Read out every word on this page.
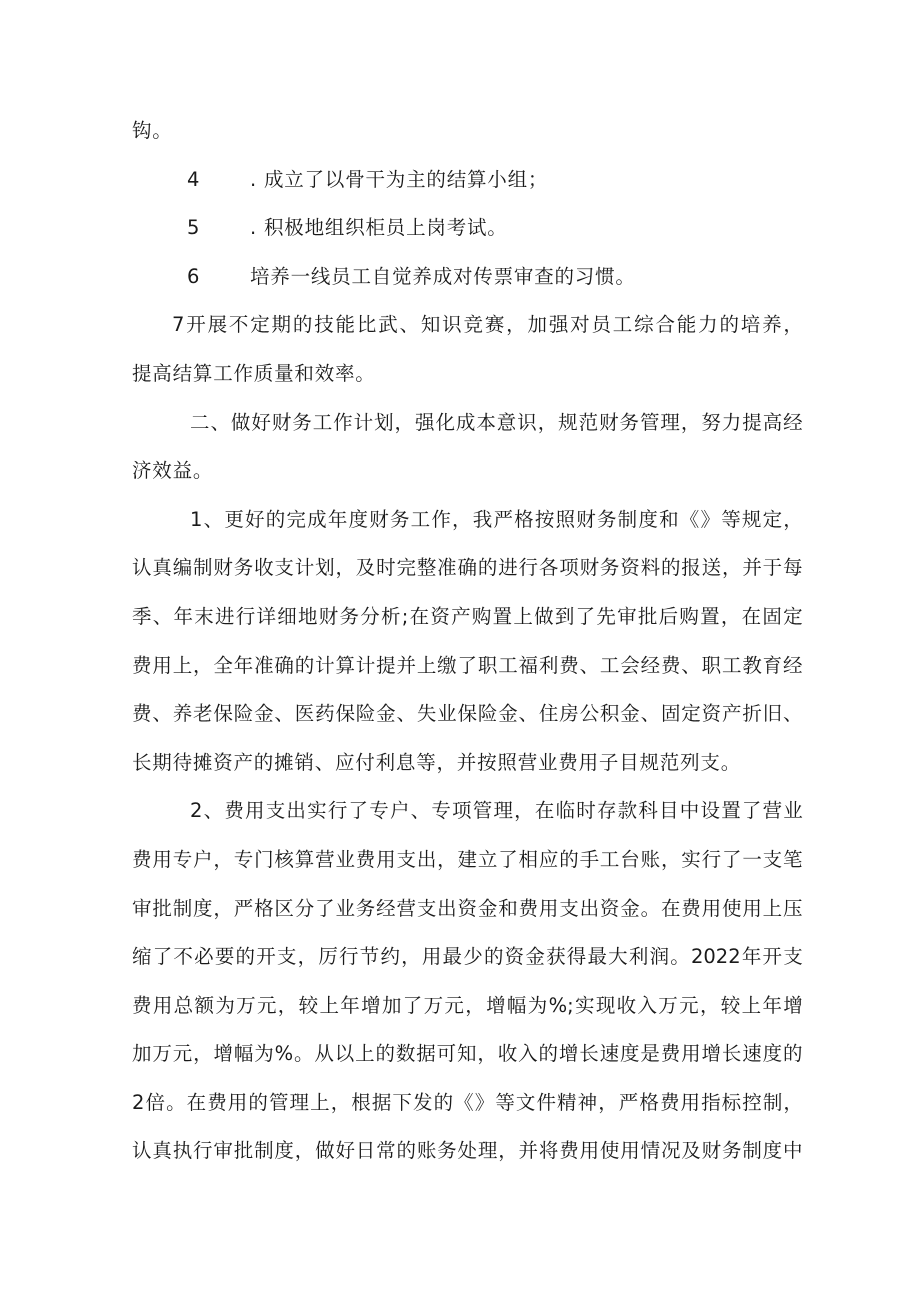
钩。
4	. 成立了以骨干为主的结算小组；
5	. 积极地组织柜员上岗考试。
6	培养一线员工自觉养成对传票审查的习惯。
7 开 展 不 定 期 的 技 能 比 武 、 知 识 竞 赛 ， 加 强 对 员 工 综 合 能 力 的 培 养 ，
提高结算工作质量和效率。
二 、 做 好 财 务 工 作 计 划 ， 强 化 成 本 意 识 ， 规 范 财 务 管 理 ， 努 力 提 高 经
济效益。
1 、 更 好 的 完 成 年 度 财 务 工 作 ， 我 严 格 按 照 财 务 制 度 和 《 》 等 规 定 ，
认 真 编 制 财 务 收 支 计 划 ， 及 时 完 整 准 确 的 进 行 各 项 财 务 资 料 的 报 送 ， 并 于 每
季 、 年 末 进 行 详 细 地 财 务 分 析 ; 在 资 产 购 置 上 做 到 了 先 审 批 后 购 置 ， 在 固 定
费 用 上 ， 全 年 准 确 的 计 算 计 提 并 上 缴 了 职 工 福 利 费 、 工 会 经 费 、 职 工 教 育 经
费 、 养 老 保 险 金 、 医 药 保 险 金 、 失 业 保 险 金 、 住 房 公 积 金 、 固 定 资 产 折 旧 、
长期待摊资产的摊销、应付利息等，并按照营业费用子目规范列支。
2 、 费 用 支 出 实 行 了 专 户 、 专 项 管 理 ， 在 临 时 存 款 科 目 中 设 置 了 营 业
费 用 专 户 ， 专 门 核 算 营 业 费 用 支 出 ， 建 立 了 相 应 的 手 工 台 账 ， 实 行 了 一 支 笔
审 批 制 度 ， 严 格 区 分 了 业 务 经 营 支 出 资 金 和 费 用 支 出 资 金 。 在 费 用 使 用 上 压
缩 了 不 必 要 的 开 支 ， 厉 行 节 约 ， 用 最 少 的 资 金 获 得 最 大 利 润 。 2022 年 开 支
费 用 总 额 为 万 元 ， 较 上 年 增 加 了 万 元 ， 增 幅 为 %; 实 现 收 入 万 元 ， 较 上 年 增
加 万 元 ， 增 幅 为 % 。 从 以 上 的 数 据 可 知 ， 收 入 的 增 长 速 度 是 费 用 增 长 速 度 的
2 倍 。 在 费 用 的 管 理 上 ， 根 据 下 发 的 《 》 等 文 件 精 神 ， 严 格 费 用 指 标 控 制 ，
认 真 执 行 审 批 制 度 ， 做 好 日 常 的 账 务 处 理 ， 并 将 费 用 使 用 情 况 及 财 务 制 度 中
